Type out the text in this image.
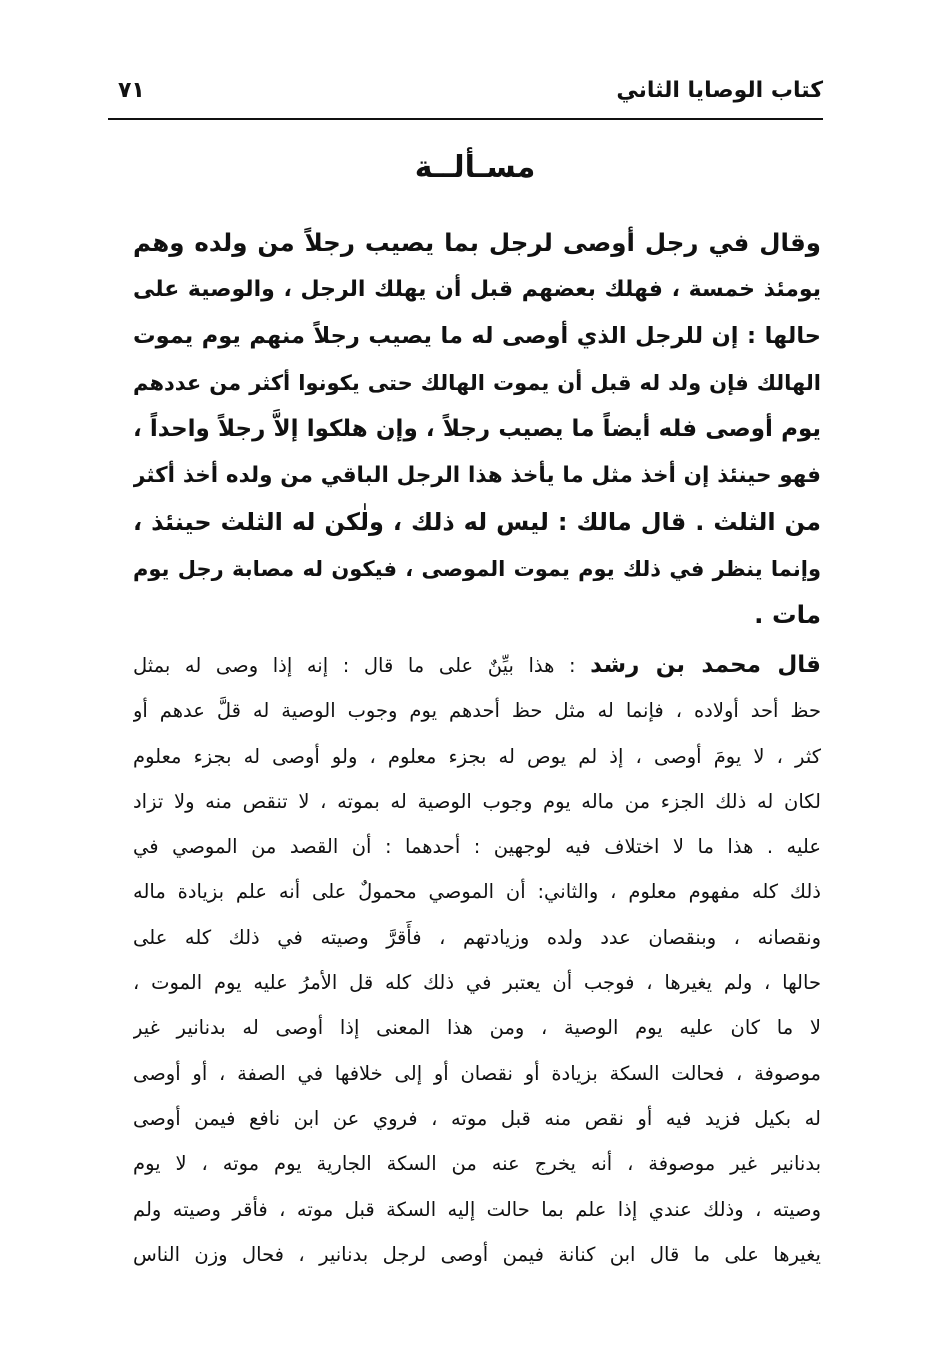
كتاب الوصايا الثاني
٧١
مسـألــة
وقال في رجل أوصى لرجل بما يصيب رجلاً من ولده وهم
يومئذ خمسة ، فهلك بعضهم قبل أن يهلك الرجل ، والوصية على
حالها : إن للرجل الذي أوصى له ما يصيب رجلاً منهم يوم يموت
الهالك فإن ولد له قبل أن يموت الهالك حتى يكونوا أكثر من عددهم
يوم أوصى فله أيضاً ما يصيب رجلاً ، وإن هلكوا إلاَّ رجلاً واحداً ،
فهو حينئذ إن أخذ مثل ما يأخذ هذا الرجل الباقي من ولده أخذ أكثر
من الثلث . قال مالك : ليس له ذلك ، ولٰكن له الثلث حينئذ ،
وإنما ينظر في ذلك يوم يموت الموصى ، فيكون له مصابة رجل يوم
مات .
قال محمد بن رشد : هذا بيِّنٌ على ما قال : إنه إذا وصى له بمثل
حظ أحد أولاده ، فإنما له مثل حظ أحدهم يوم وجوب الوصية له قلَّ عدهم أو
كثر ، لا يومَ أوصى ، إذ لم يوص له بجزء معلوم ، ولو أوصى له بجزء معلوم
لكان له ذلك الجزء من ماله يوم وجوب الوصية له بموته ، لا تنقص منه ولا تزاد
عليه . هذا ما لا اختلاف فيه لوجهين : أحدهما : أن القصد من الموصي في
ذلك كله مفهوم معلوم ، والثاني: أن الموصي محمولٌ على أنه علم بزيادة ماله
ونقصانه ، وبنقصان عدد ولده وزيادتهم ، فأَقرَّ وصيته في ذلك كله على
حالها ، ولم يغيرها ، فوجب أن يعتبر في ذلك كله قل الأمرُ عليه يوم الموت ،
لا ما كان عليه يوم الوصية ، ومن هذا المعنى إذا أوصى له بدنانير غير
موصوفة ، فحالت السكة بزيادة أو نقصان أو إلى خلافها في الصفة ، أو أوصى
له بكيل فزيد فيه أو نقص منه قبل موته ، فروي عن ابن نافع فيمن أوصى
بدنانير غير موصوفة ، أنه يخرج عنه من السكة الجارية يوم موته ، لا يوم
وصيته ، وذلك عندي إذا علم بما حالت إليه السكة قبل موته ، فأقر وصيته ولم
يغيرها على ما قال ابن كنانة فيمن أوصى لرجل بدنانير ، فحال وزن الناس
